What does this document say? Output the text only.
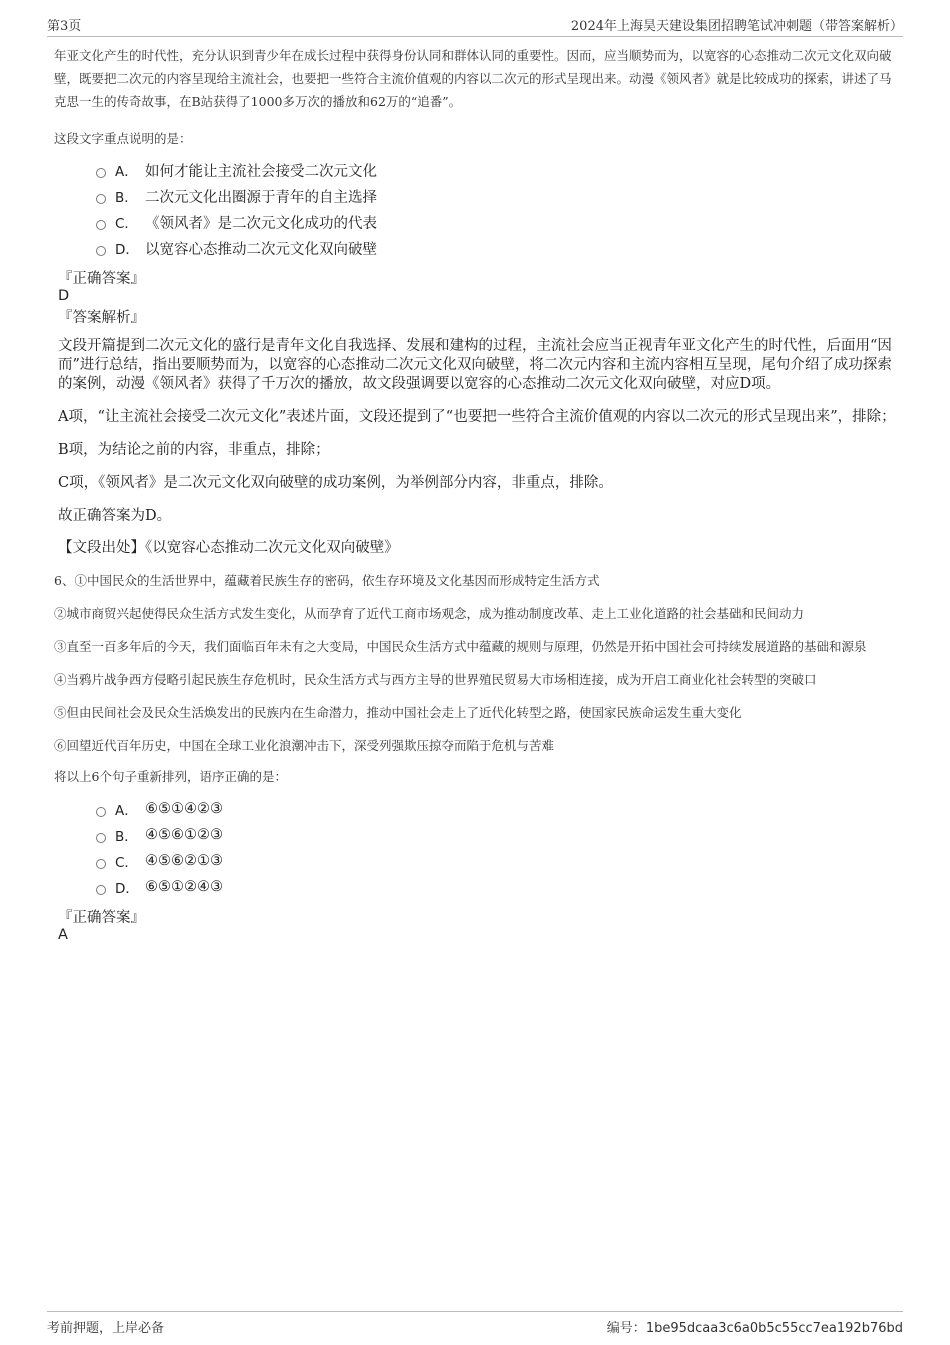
第3页	2024年上海昊天建设集团招聘笔试冲刺题（带答案解析）

年亚文化产生的时代性，充分认识到青少年在成长过程中获得身份认同和群体认同的重要性。因而，应当顺势而为，以宽容的心态推动二次元文化双向破壁，既要把二次元的内容呈现给主流社会，也要把一些符合主流价值观的内容以二次元的形式呈现出来。动漫《领风者》就是比较成功的探索，讲述了马克思一生的传奇故事，在B站获得了1000多万次的播放和62万的“追番”。

这段文字重点说明的是：

A． 如何才能让主流社会接受二次元文化
B． 二次元文化出圈源于青年的自主选择
C． 《领风者》是二次元文化成功的代表
D． 以宽容心态推动二次元文化双向破壁

『正确答案』

D

『答案解析』

文段开篇提到二次元文化的盛行是青年文化自我选择、发展和建构的过程，主流社会应当正视青年亚文化产生的时代性，后面用“因而”进行总结，指出要顺势而为，以宽容的心态推动二次元文化双向破壁，将二次元内容和主流内容相互呈现，尾句介绍了成功探索的案例，动漫《领风者》获得了千万次的播放，故文段强调要以宽容的心态推动二次元文化双向破壁，对应D项。

A项，“让主流社会接受二次元文化”表述片面，文段还提到了“也要把一些符合主流价值观的内容以二次元的形式呈现出来”，排除；

B项，为结论之前的内容，非重点，排除；

C项，《领风者》是二次元文化双向破壁的成功案例，为举例部分内容，非重点，排除。

故正确答案为D。

【文段出处】《以宽容心态推动二次元文化双向破壁》

6、①中国民众的生活世界中，蕴藏着民族生存的密码，依生存环境及文化基因而形成特定生活方式

②城市商贸兴起使得民众生活方式发生变化，从而孕育了近代工商市场观念，成为推动制度改革、走上工业化道路的社会基础和民间动力

③直至一百多年后的今天，我们面临百年未有之大变局，中国民众生活方式中蕴藏的规则与原理，仍然是开拓中国社会可持续发展道路的基础和源泉

④当鸦片战争西方侵略引起民族生存危机时，民众生活方式与西方主导的世界殖民贸易大市场相连接，成为开启工商业化社会转型的突破口

⑤但由民间社会及民众生活焕发出的民族内在生命潜力，推动中国社会走上了近代化转型之路，使国家民族命运发生重大变化

⑥回望近代百年历史，中国在全球工业化浪潮冲击下，深受列强欺压掠夺而陷于危机与苦难

将以上6个句子重新排列，语序正确的是：

A． ⑥⑤①④②③
B． ④⑤⑥①②③
C． ④⑤⑥②①③
D． ⑥⑤①②④③

『正确答案』

A

考前押题，上岸必备	编号：1be95dcaa3c6a0b5c55cc7ea192b76bd
